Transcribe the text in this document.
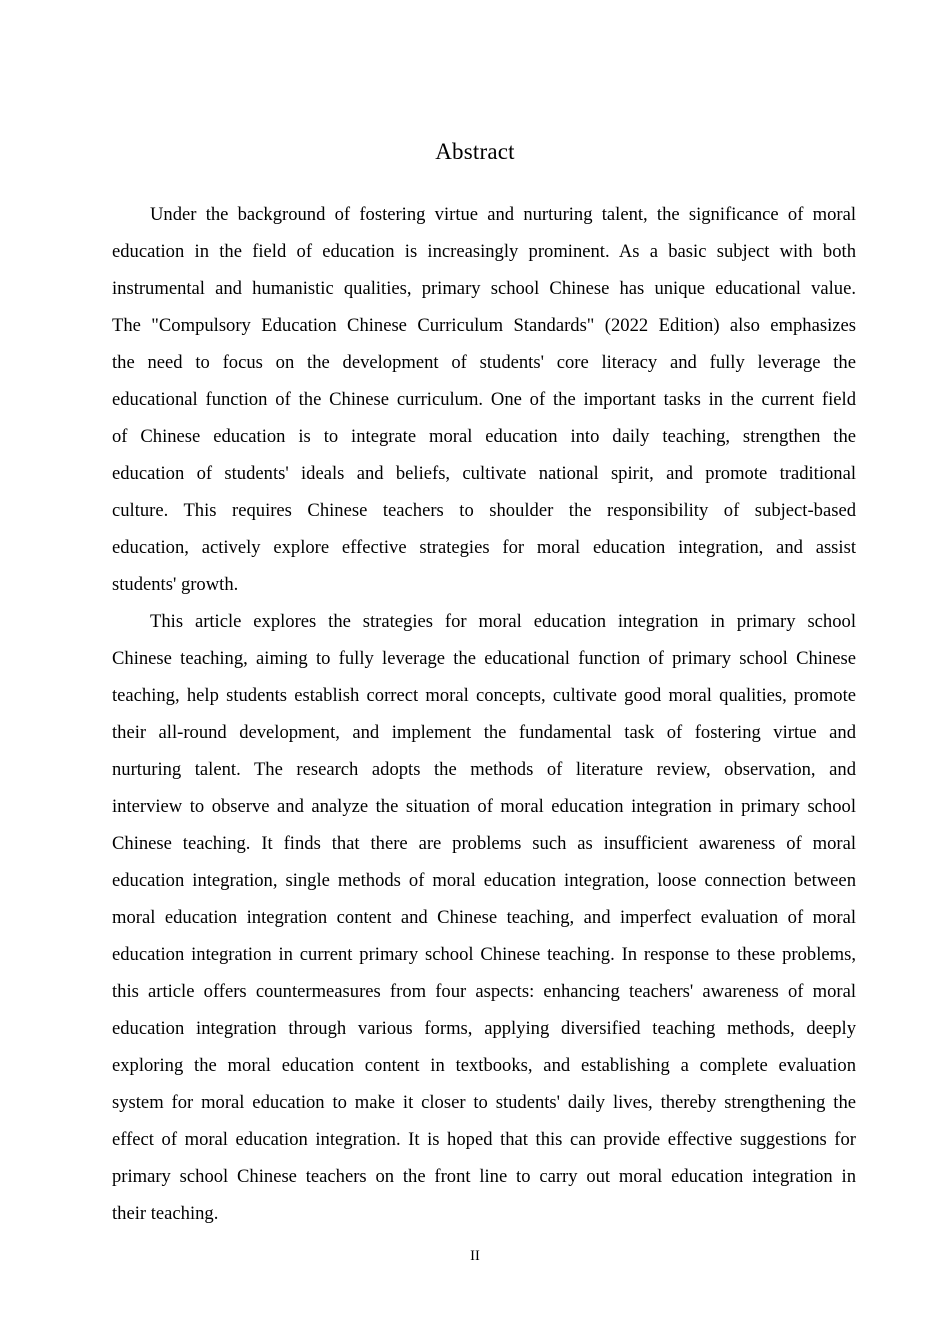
Abstract
Under the background of fostering virtue and nurturing talent, the significance of moral
education in the field of education is increasingly prominent. As a basic subject with both
instrumental and humanistic qualities, primary school Chinese has unique educational value.
The "Compulsory Education Chinese Curriculum Standards" (2022 Edition) also emphasizes
the need to focus on the development of students' core literacy and fully leverage the
educational function of the Chinese curriculum. One of the important tasks in the current field
of Chinese education is to integrate moral education into daily teaching, strengthen the
education of students' ideals and beliefs, cultivate national spirit, and promote traditional
culture. This requires Chinese teachers to shoulder the responsibility of subject-based
education, actively explore effective strategies for moral education integration, and assist
students' growth.
This article explores the strategies for moral education integration in primary school
Chinese teaching, aiming to fully leverage the educational function of primary school Chinese
teaching, help students establish correct moral concepts, cultivate good moral qualities, promote
their all-round development, and implement the fundamental task of fostering virtue and
nurturing talent. The research adopts the methods of literature review, observation, and
interview to observe and analyze the situation of moral education integration in primary school
Chinese teaching. It finds that there are problems such as insufficient awareness of moral
education integration, single methods of moral education integration, loose connection between
moral education integration content and Chinese teaching, and imperfect evaluation of moral
education integration in current primary school Chinese teaching. In response to these problems,
this article offers countermeasures from four aspects: enhancing teachers' awareness of moral
education integration through various forms, applying diversified teaching methods, deeply
exploring the moral education content in textbooks, and establishing a complete evaluation
system for moral education to make it closer to students' daily lives, thereby strengthening the
effect of moral education integration. It is hoped that this can provide effective suggestions for
primary school Chinese teachers on the front line to carry out moral education integration in
their teaching.
II
